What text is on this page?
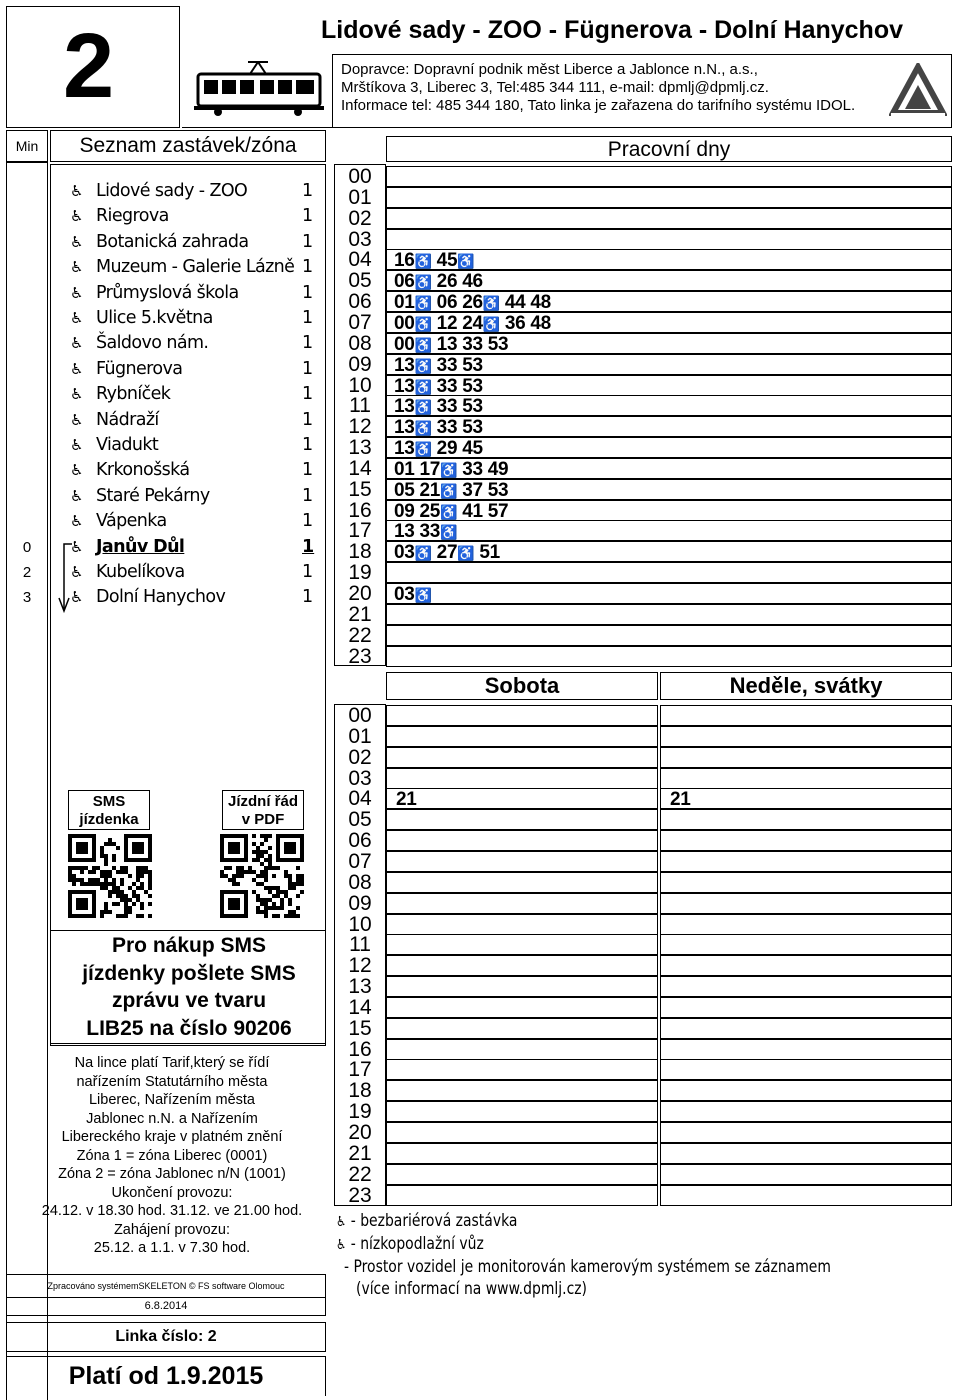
2	Lidové sady - ZOO - Fügnerova - Dolní Hanychov
Dopravce: Dopravní podnik měst Liberce a Jablonce n.N., a.s.,
Mrštíkova 3, Liberec 3, Tel:485 344 111, e-mail: dpmlj@dpmlj.cz.
Informace tel: 485 344 180, Tato linka je zařazena do tarifního systému IDOL.
Min	Seznam zastávek/zóna
♿ Lidové sady - ZOO	1
♿ Riegrova	1
♿ Botanická zahrada	1
♿ Muzeum - Galerie Lázně 1
♿ Průmyslová škola	1
♿ Ulice 5.května	1
♿ Šaldovo nám.	1
♿ Fügnerova	1
♿ Rybníček	1
♿ Nádraží	1
♿ Viadukt	1
♿ Krkonošská	1
♿ Staré Pekárny	1
♿ Vápenka	1
♿ Janův Důl	1
0
♿ Kubelíkova	1
2
♿ Dolní Hanychov	1
3
SMS
jízdenka
Jízdní řád
v PDF
Pro nákup SMS
jízdenky pošlete SMS
zprávu ve tvaru
LIB25 na číslo 90206
Na lince platí Tarif,který se řídí
nařízením Statutárního města
Liberec, Nařízením města
Jablonec n.N. a Nařízením
Libereckého kraje v platném znění
Zóna 1 = zóna Liberec (0001)
Zóna 2 = zóna Jablonec n/N (1001)
Ukončení provozu:
24.12. v 18.30 hod. 31.12. ve 21.00 hod.
Zahájení provozu:
25.12. a 1.1. v 7.30 hod.
Zpracováno systémemSKELETON © FS software Olomouc
6.8.2014
Linka číslo: 2
Platí od 1.9.2015
Pracovní dny
00
01
02
03
04	16♿ 45♿
05	06♿ 26 46
06	01♿ 06 26♿ 44 48
07	00♿ 12 24♿ 36 48
08	00♿ 13 33 53
09	13♿ 33 53
10	13♿ 33 53
11	13♿ 33 53
12	13♿ 33 53
13	13♿ 29 45
14	01 17♿ 33 49
15	05 21♿ 37 53
16	09 25♿ 41 57
17	13 33♿
18	03♿ 27♿ 51
19
20	03♿
21
22
23
Sobota	Neděle, svátky
00
01
02
03
04	21	21
05
06
07
08
09
10
11
12
13
14
15
16
17
18
19
20
21
22
23
♿ - bezbariérová zastávka
♿ - nízkopodlažní vůz
- Prostor vozidel je monitorován kamerovým systémem se záznamem
(více informací na www.dpmlj.cz)
